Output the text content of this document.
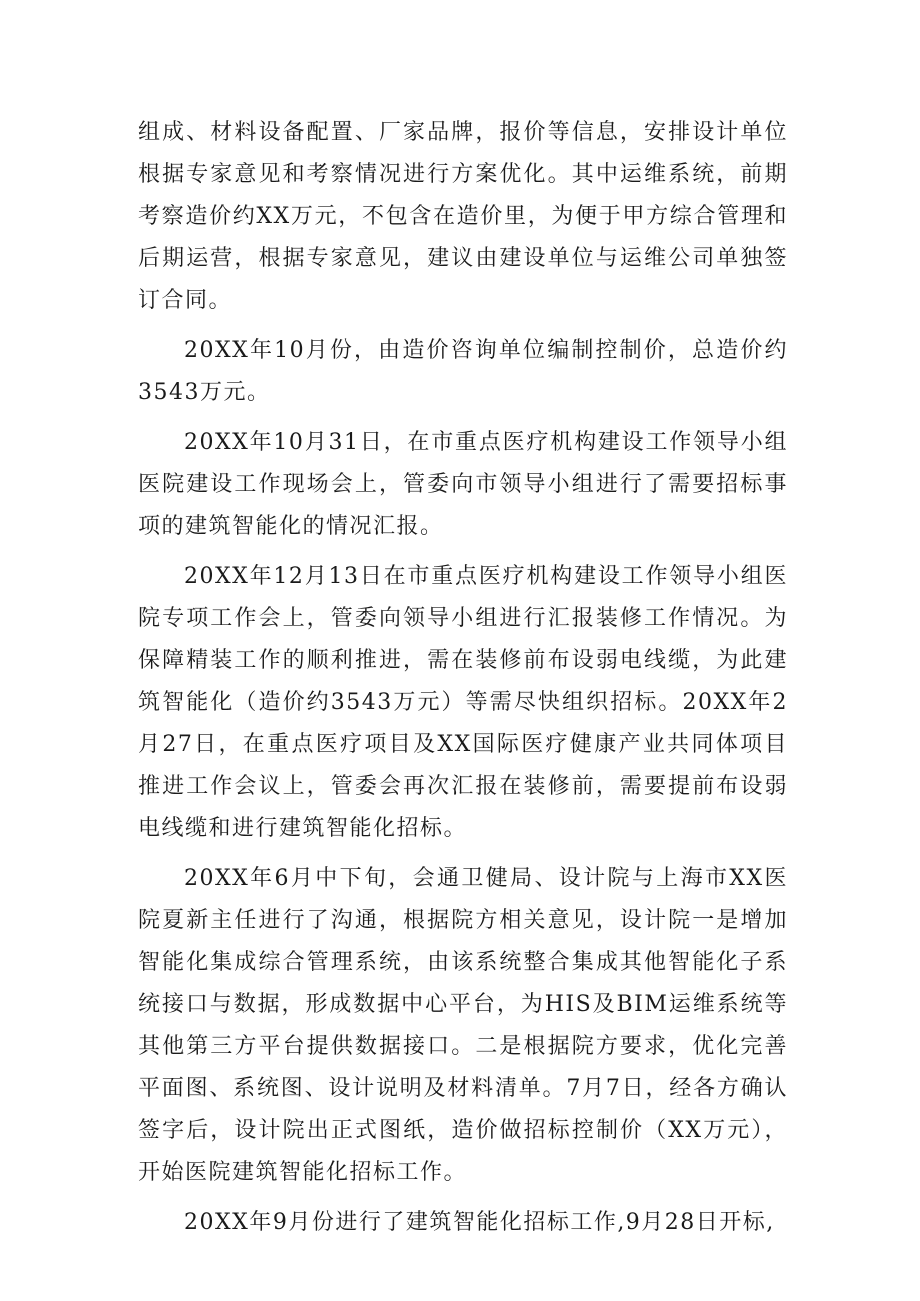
组成、材料设备配置、厂家品牌，报价等信息，安排设计单位根据专家意见和考察情况进行方案优化。其中运维系统，前期考察造价约XX万元，不包含在造价里，为便于甲方综合管理和后期运营，根据专家意见，建议由建设单位与运维公司单独签订合同。

20XX年10月份，由造价咨询单位编制控制价，总造价约3543万元。

20XX年10月31日，在市重点医疗机构建设工作领导小组医院建设工作现场会上，管委向市领导小组进行了需要招标事项的建筑智能化的情况汇报。

20XX年12月13日在市重点医疗机构建设工作领导小组医院专项工作会上，管委向领导小组进行汇报装修工作情况。为保障精装工作的顺利推进，需在装修前布设弱电线缆，为此建筑智能化（造价约3543万元）等需尽快组织招标。20XX年2月27日，在重点医疗项目及XX国际医疗健康产业共同体项目推进工作会议上，管委会再次汇报在装修前，需要提前布设弱电线缆和进行建筑智能化招标。

20XX年6月中下旬，会通卫健局、设计院与上海市XX医院夏新主任进行了沟通，根据院方相关意见，设计院一是增加智能化集成综合管理系统，由该系统整合集成其他智能化子系统接口与数据，形成数据中心平台，为HIS及BIM运维系统等其他第三方平台提供数据接口。二是根据院方要求，优化完善平面图、系统图、设计说明及材料清单。7月7日，经各方确认签字后，设计院出正式图纸，造价做招标控制价（XX万元），开始医院建筑智能化招标工作。

20XX年9月份进行了建筑智能化招标工作,9月28日开标,
